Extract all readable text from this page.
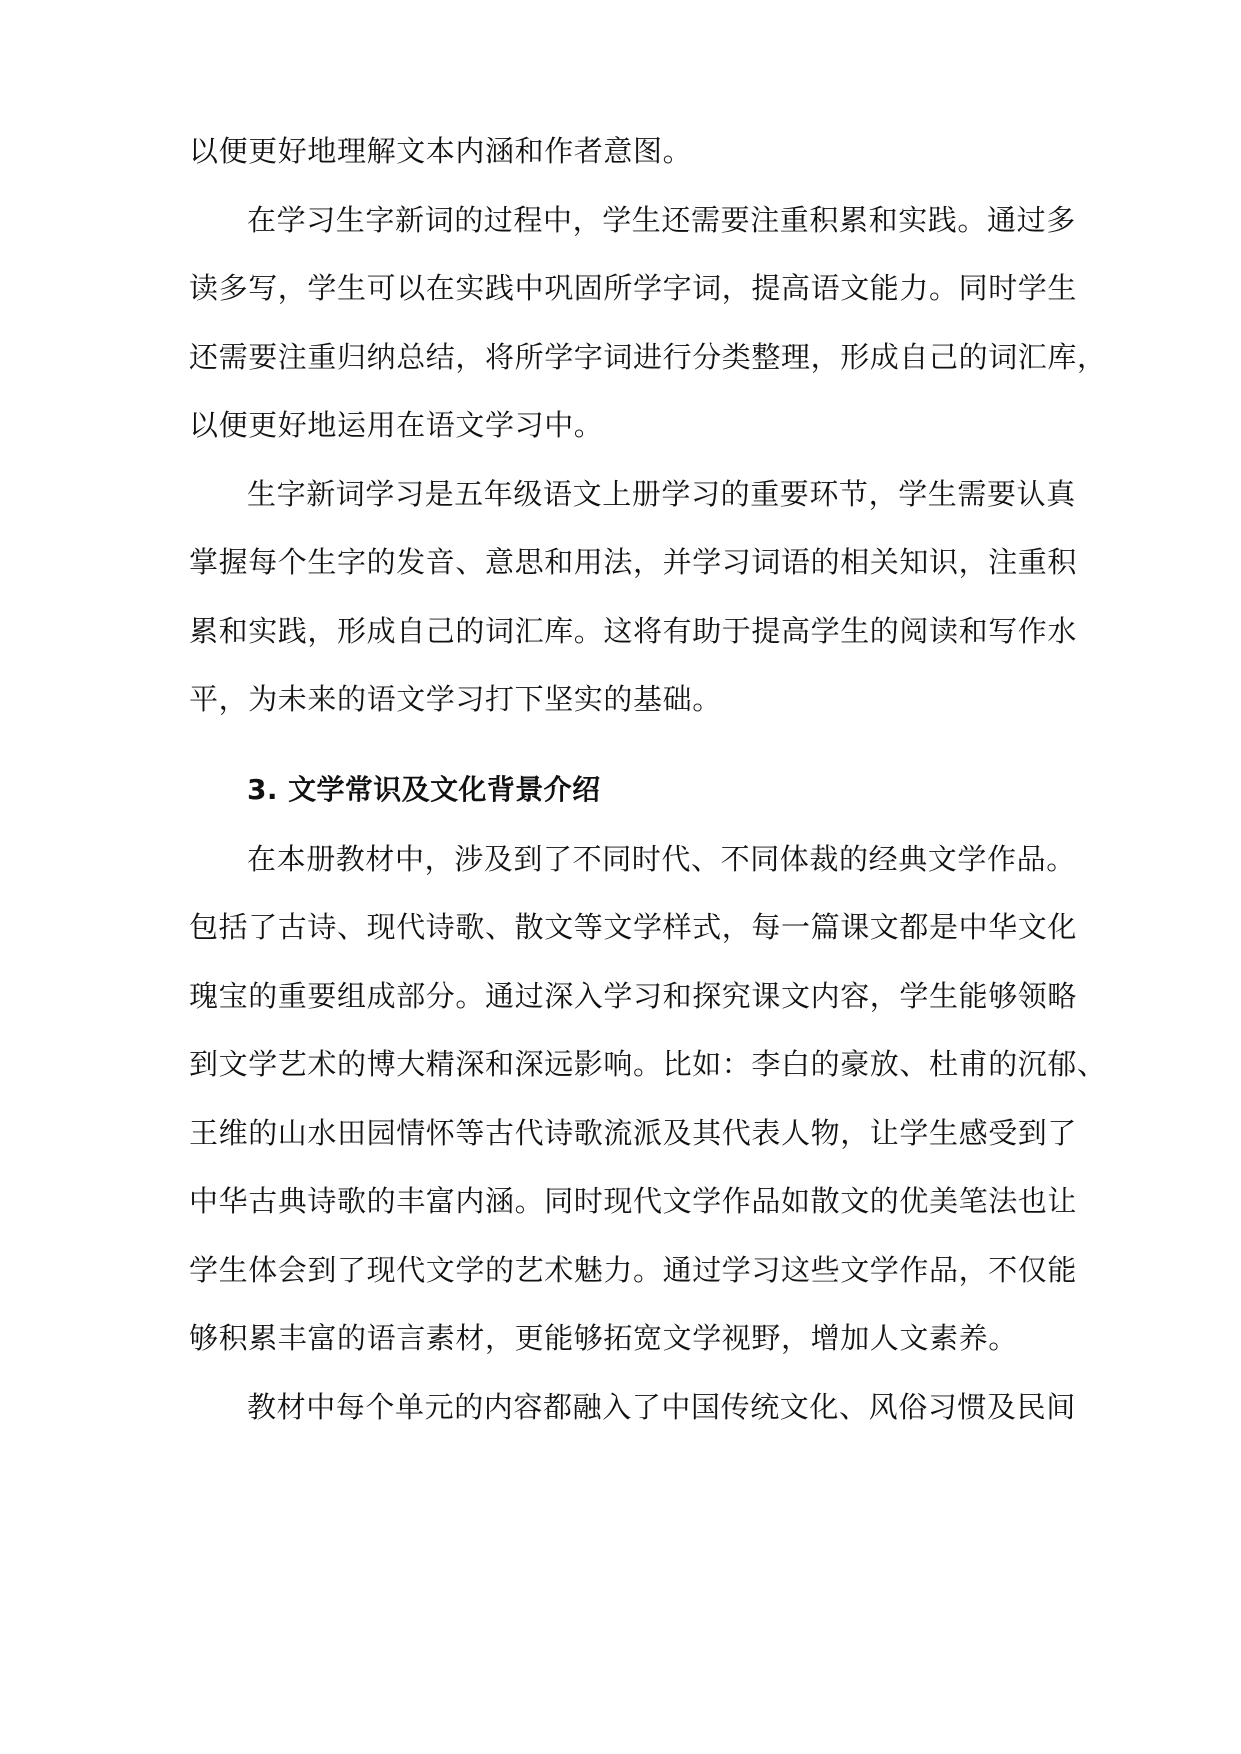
以便更好地理解文本内涵和作者意图。
在学习生字新词的过程中，学生还需要注重积累和实践。通过多
读多写，学生可以在实践中巩固所学字词，提高语文能力。同时学生
还需要注重归纳总结，将所学字词进行分类整理，形成自己的词汇库，
以便更好地运用在语文学习中。
生字新词学习是五年级语文上册学习的重要环节，学生需要认真
掌握每个生字的发音、意思和用法，并学习词语的相关知识，注重积
累和实践，形成自己的词汇库。这将有助于提高学生的阅读和写作水
平，为未来的语文学习打下坚实的基础。
3. 文学常识及文化背景介绍
在本册教材中，涉及到了不同时代、不同体裁的经典文学作品。
包括了古诗、现代诗歌、散文等文学样式，每一篇课文都是中华文化
瑰宝的重要组成部分。通过深入学习和探究课文内容，学生能够领略
到文学艺术的博大精深和深远影响。比如：李白的豪放、杜甫的沉郁、
王维的山水田园情怀等古代诗歌流派及其代表人物，让学生感受到了
中华古典诗歌的丰富内涵。同时现代文学作品如散文的优美笔法也让
学生体会到了现代文学的艺术魅力。通过学习这些文学作品，不仅能
够积累丰富的语言素材，更能够拓宽文学视野，增加人文素养。
教材中每个单元的内容都融入了中国传统文化、风俗习惯及民间
